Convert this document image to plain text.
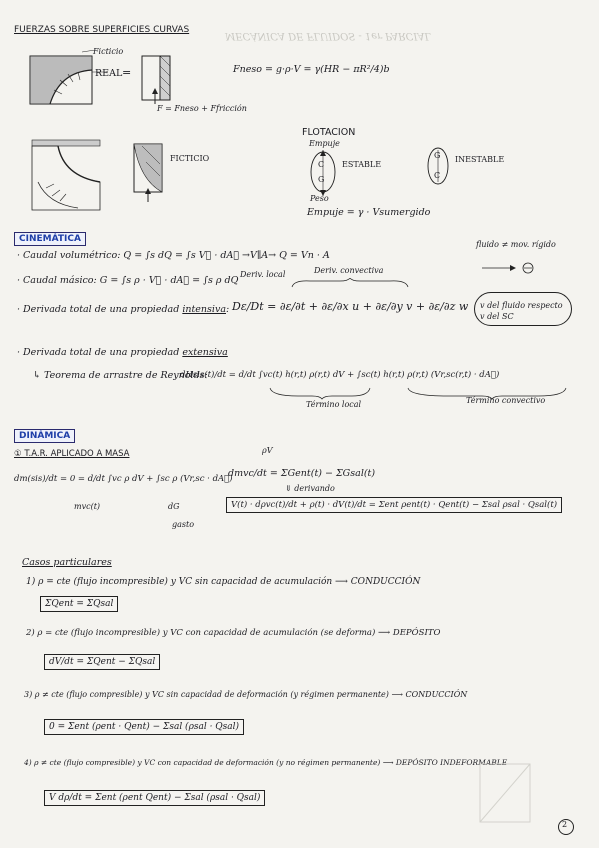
MECÁNICA DE FLUIDOS - 1er PARCIAL
FUERZAS SOBRE SUPERFICIES CURVAS
Ficticio
REAL =
F = Fneso + Ffricción
Fneso = g·ρ·V = γ(HR − πR²/4)b
FICTICIO
FLOTACION
Empuje
C
G
Peso
ESTABLE
G
C
INESTABLE
Empuje = γ · Vsumergido
CINEMÁTICA
· Caudal volumétrico: Q = ∫s dQ = ∫s V⃗ · dA⃗ →V∥A→ Q = Vn · A
fluido ≠ mov. rígido
· Caudal másico: G = ∫s ρ · V⃗ · dA⃗ = ∫s ρ dQ
Deriv. local	Deriv. convectiva
· Derivada total de una propiedad intensiva: Dε/Dt = ∂ε/∂t + ∂ε/∂x u + ∂ε/∂y v + ∂ε/∂z w v del fluido respecto v del SC
· Derivada total de una propiedad extensiva
↳ Teorema de arrastre de Reynolds:
dHsis(t)/dt = d/dt ∫vc(t) h(r,t) ρ(r,t) dV + ∫sc(t) h(r,t) ρ(r,t) (Vr,sc(r,t) · dA⃗)
Término local	Término convectivo
DINÁMICA
① T.A.R. APLICADO A MASA	ρV
dm(sis)/dt = 0 = d/dt ∫vc ρ dV + ∫sc ρ (Vr,sc · dA⃗)
dmvc/dt = ΣGent(t) − ΣGsal(t)
⇓ derivando
mvc(t)	dG
gasto
V(t) · dρvc(t)/dt + ρ(t) · dV(t)/dt = Σent ρent(t) · Qent(t) − Σsal ρsal · Qsal(t)
Casos particulares
1) ρ = cte (flujo incompresible) y VC sin capacidad de acumulación ⟶ CONDUCCIÓN
ΣQent = ΣQsal
2) ρ = cte (flujo incompresible) y VC con capacidad de acumulación (se deforma) ⟶ DEPÓSITO
dV/dt = ΣQent − ΣQsal
3) ρ ≠ cte (flujo compresible) y VC sin capacidad de deformación (y régimen permanente) ⟶ CONDUCCIÓN
0 = Σent (ρent · Qent) − Σsal (ρsal · Qsal)
4) ρ ≠ cte (flujo compresible) y VC con capacidad de deformación (y no régimen permanente) ⟶ DEPÓSITO INDEFORMABLE
V dρ/dt = Σent (ρent Qent) − Σsal (ρsal · Qsal)
2
